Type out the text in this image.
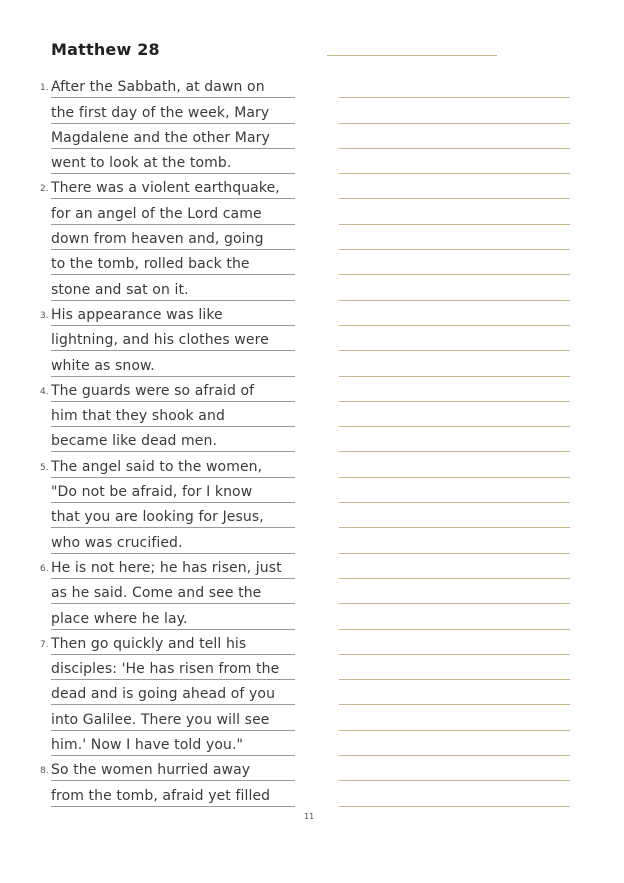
Matthew 28
1. After the Sabbath, at dawn on
the first day of the week, Mary
Magdalene and the other Mary
went to look at the tomb.
2. There was a violent earthquake,
for an angel of the Lord came
down from heaven and, going
to the tomb, rolled back the
stone and sat on it.
3. His appearance was like
lightning, and his clothes were
white as snow.
4. The guards were so afraid of
him that they shook and
became like dead men.
5. The angel said to the women,
"Do not be afraid, for I know
that you are looking for Jesus,
who was crucified.
6. He is not here; he has risen, just
as he said. Come and see the
place where he lay.
7. Then go quickly and tell his
disciples: 'He has risen from the
dead and is going ahead of you
into Galilee. There you will see
him.' Now I have told you."
8. So the women hurried away
from the tomb, afraid yet filled
11
